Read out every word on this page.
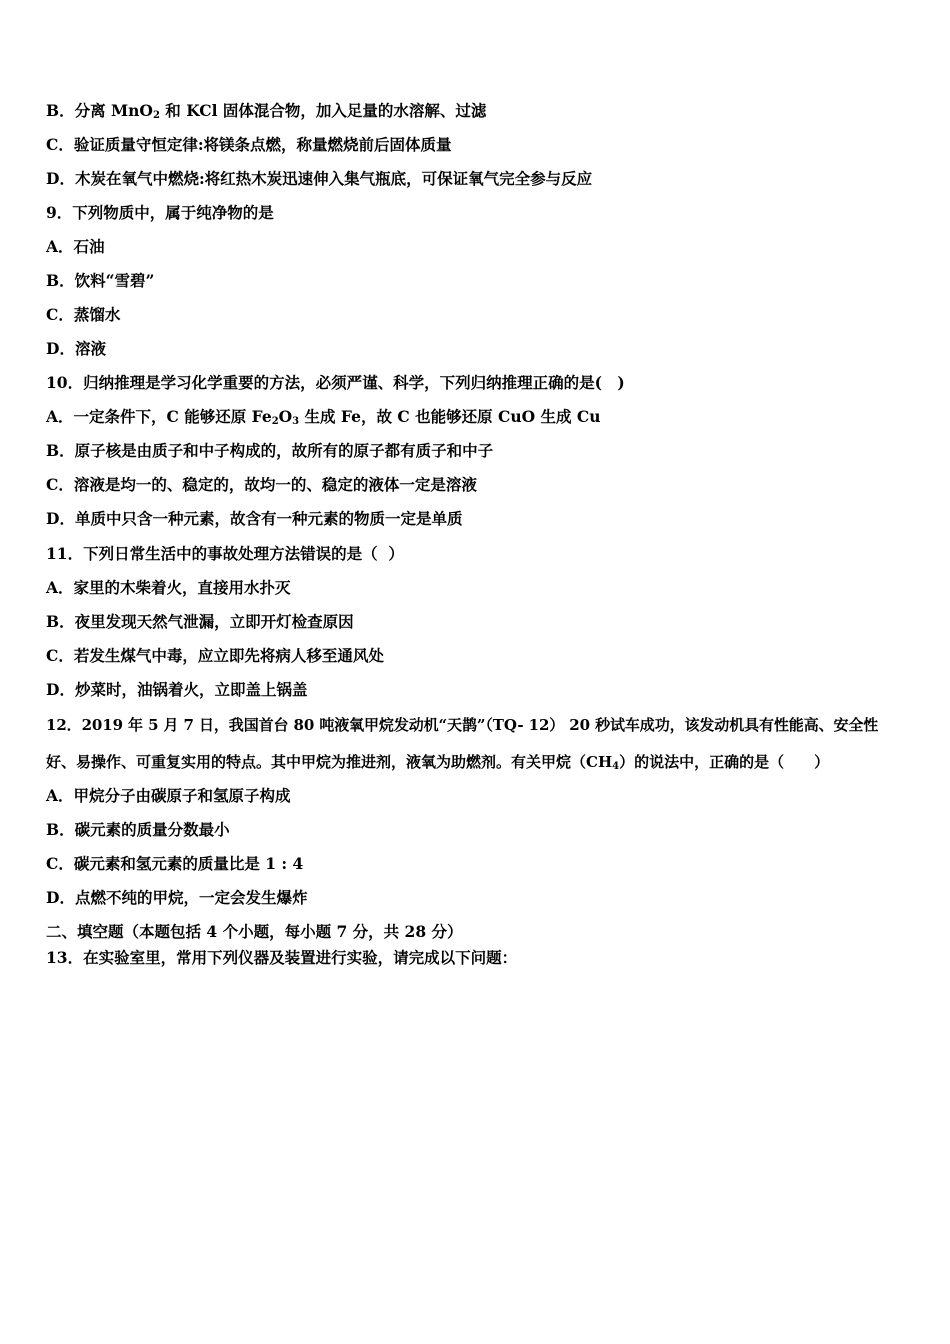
B．分离 MnO$_2$ 和 KCl 固体混合物，加入足量的水溶解、过滤
C．验证质量守恒定律:将镁条点燃，称量燃烧前后固体质量
D．木炭在氧气中燃烧:将红热木炭迅速伸入集气瓶底，可保证氧气完全参与反应
9．下列物质中，属于纯净物的是
A．石油
B．饮料“雪碧”
C．蒸馏水
D．溶液
10．归纳推理是学习化学重要的方法，必须严谨、科学，下列归纳推理正确的是(　)
A．一定条件下，C 能够还原 $Fe_2O_3$ 生成 Fe，故 C 也能够还原 CuO 生成 Cu
B．原子核是由质子和中子构成的，故所有的原子都有质子和中子
C．溶液是均一的、稳定的，故均一的、稳定的液体一定是溶液
D．单质中只含一种元素，故含有一种元素的物质一定是单质
11．下列日常生活中的事故处理方法错误的是（  ）
A．家里的木柴着火，直接用水扑灭
B．夜里发现天然气泄漏，立即开灯检查原因
C．若发生煤气中毒，应立即先将病人移至通风处
D．炒菜时，油锅着火，立即盖上锅盖
12．2019 年 5 月 7 日，我国首台 80 吨液氧甲烷发动机“天鹊”（TQ- 12） 20 秒试车成功，该发动机具有性能高、安全性
好、易操作、可重复实用的特点。其中甲烷为推进剂，液氧为助燃剂。有关甲烷$(CH_4)$的说法中，正确的是（　　）
A．甲烷分子由碳原子和氢原子构成
B．碳元素的质量分数最小
C．碳元素和氢元素的质量比是 1 : 4
D．点燃不纯的甲烷，一定会发生爆炸
二、填空题（本题包括 4 个小题，每小题 7 分，共 28 分）
13．在实验室里，常用下列仪器及装置进行实验，请完成以下问题：
